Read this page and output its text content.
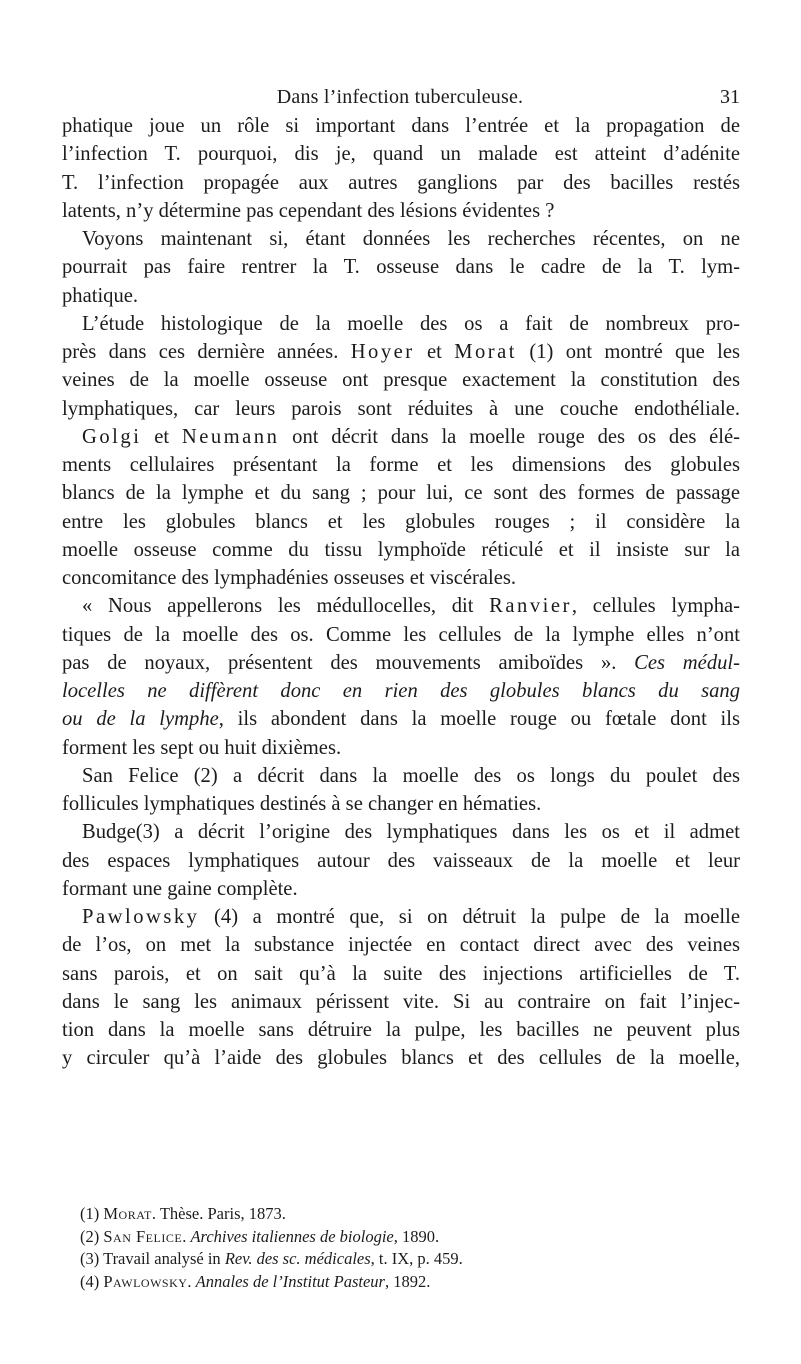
Dans l’infection tuberculeuse.	31
phatique joue un rôle si important dans l’entrée et la propagation de
l’infection T. pourquoi, dis je, quand un malade est atteint d’adénite
T. l’infection propagée aux autres ganglions par des bacilles restés
latents, n’y détermine pas cependant des lésions évidentes ?
Voyons maintenant si, étant données les recherches récentes, on ne
pourrait pas faire rentrer la T. osseuse dans le cadre de la T. lym-
phatique.
L’étude histologique de la moelle des os a fait de nombreux pro-
près dans ces dernière années. Hoyer et Morat (1) ont montré que les
veines de la moelle osseuse ont presque exactement la constitution des
lymphatiques, car leurs parois sont réduites à une couche endothéliale.
Golgi et Neumann ont décrit dans la moelle rouge des os des élé-
ments cellulaires présentant la forme et les dimensions des globules
blancs de la lymphe et du sang ; pour lui, ce sont des formes de passage
entre les globules blancs et les globules rouges ; il considère la
moelle osseuse comme du tissu lymphoïde réticulé et il insiste sur la
concomitance des lymphadénies osseuses et viscérales.
« Nous appellerons les médullocelles, dit Ranvier, cellules lympha-
tiques de la moelle des os. Comme les cellules de la lymphe elles n’ont
pas de noyaux, présentent des mouvements amiboïdes ». Ces médul-
locelles ne diffèrent donc en rien des globules blancs du sang
ou de la lymphe, ils abondent dans la moelle rouge ou fœtale dont ils
forment les sept ou huit dixièmes.
San Felice (2) a décrit dans la moelle des os longs du poulet des
follicules lymphatiques destinés à se changer en hématies.
Budge(3) a décrit l’origine des lymphatiques dans les os et il admet
des espaces lymphatiques autour des vaisseaux de la moelle et leur
formant une gaine complète.
Pawlowsky (4) a montré que, si on détruit la pulpe de la moelle
de l’os, on met la substance injectée en contact direct avec des veines
sans parois, et on sait qu’à la suite des injections artificielles de T.
dans le sang les animaux périssent vite. Si au contraire on fait l’injec-
tion dans la moelle sans détruire la pulpe, les bacilles ne peuvent plus
y circuler qu’à l’aide des globules blancs et des cellules de la moelle,
(1) Morat. Thèse. Paris, 1873.
(2) San Felice. Archives italiennes de biologie, 1890.
(3) Travail analysé in Rev. des sc. médicales, t. IX, p. 459.
(4) Pawlowsky. Annales de l’Institut Pasteur, 1892.
